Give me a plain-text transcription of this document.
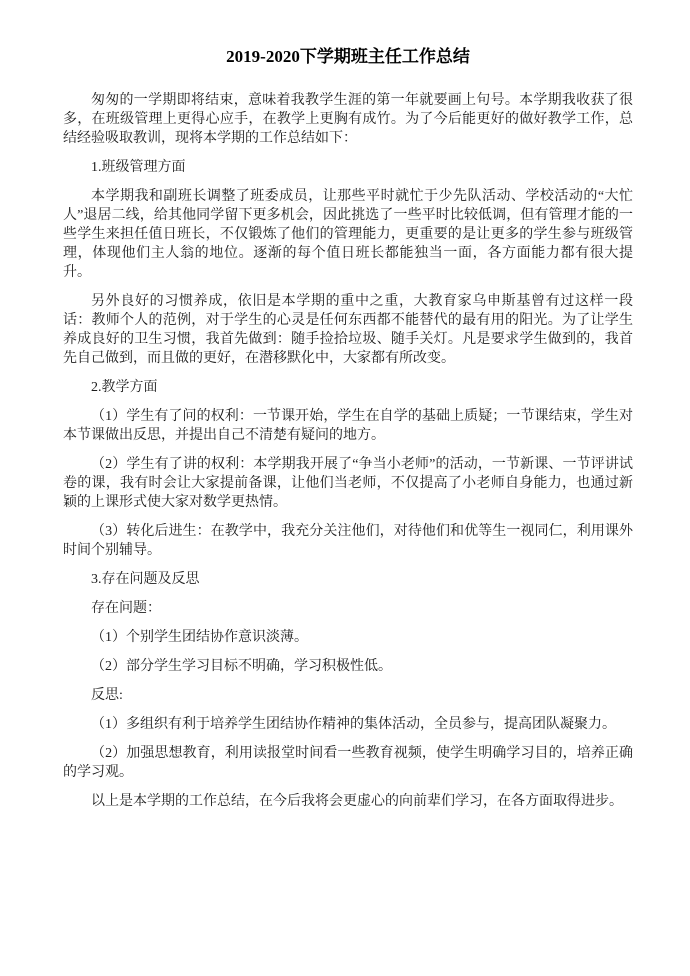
2019-2020下学期班主任工作总结

匆匆的一学期即将结束，意味着我教学生涯的第一年就要画上句号。本学期我收获了很多，在班级管理上更得心应手，在教学上更胸有成竹。为了今后能更好的做好教学工作，总结经验吸取教训，现将本学期的工作总结如下：

1.班级管理方面

本学期我和副班长调整了班委成员，让那些平时就忙于少先队活动、学校活动的“大忙人”退居二线，给其他同学留下更多机会，因此挑选了一些平时比较低调，但有管理才能的一些学生来担任值日班长，不仅锻炼了他们的管理能力，更重要的是让更多的学生参与班级管理，体现他们主人翁的地位。逐渐的每个值日班长都能独当一面，各方面能力都有很大提升。

另外良好的习惯养成，依旧是本学期的重中之重，大教育家乌申斯基曾有过这样一段话：教师个人的范例，对于学生的心灵是任何东西都不能替代的最有用的阳光。为了让学生养成良好的卫生习惯，我首先做到：随手捡拾垃圾、随手关灯。凡是要求学生做到的，我首先自己做到，而且做的更好，在潜移默化中，大家都有所改变。

2.教学方面

（1）学生有了问的权利：一节课开始，学生在自学的基础上质疑；一节课结束，学生对本节课做出反思，并提出自己不清楚有疑问的地方。

（2）学生有了讲的权利：本学期我开展了“争当小老师”的活动，一节新课、一节评讲试卷的课，我有时会让大家提前备课，让他们当老师，不仅提高了小老师自身能力，也通过新颖的上课形式使大家对数学更热情。

（3）转化后进生：在教学中，我充分关注他们，对待他们和优等生一视同仁，利用课外时间个别辅导。

3.存在问题及反思

存在问题：

（1）个别学生团结协作意识淡薄。

（2）部分学生学习目标不明确，学习积极性低。

反思:

（1）多组织有利于培养学生团结协作精神的集体活动，全员参与，提高团队凝聚力。

（2）加强思想教育，利用读报堂时间看一些教育视频，使学生明确学习目的，培养正确的学习观。

以上是本学期的工作总结，在今后我将会更虚心的向前辈们学习，在各方面取得进步。
